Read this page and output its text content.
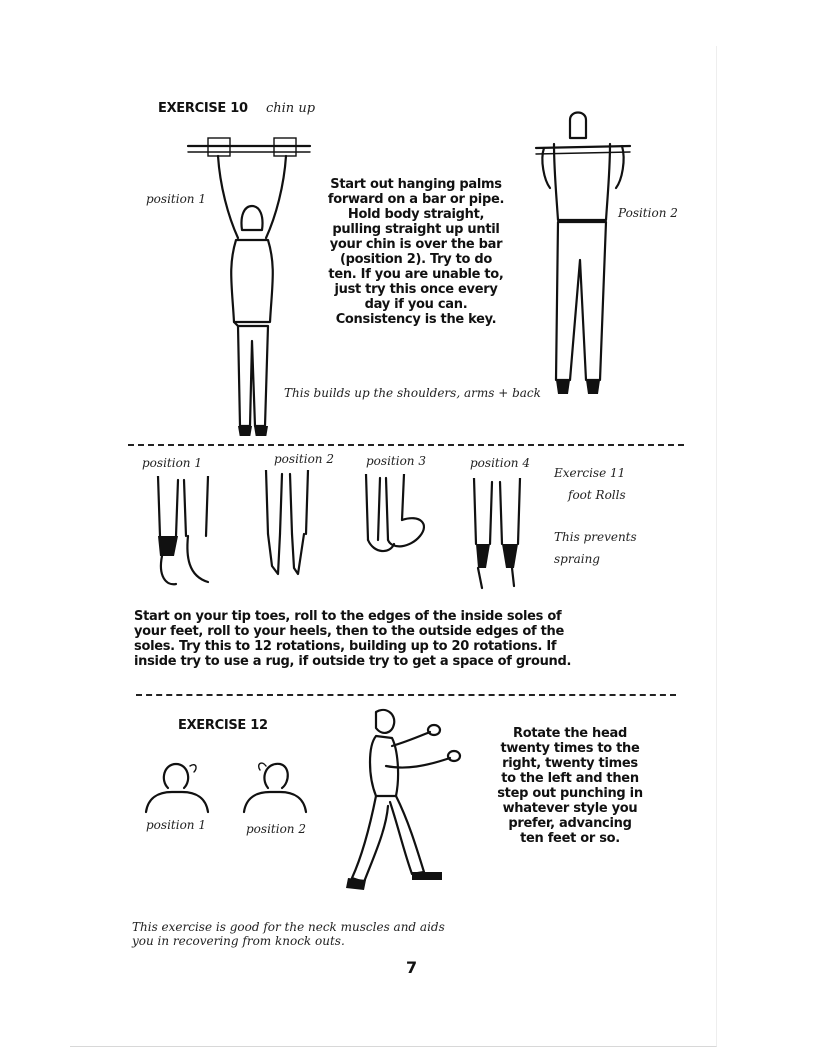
EXERCISE 10 chin up
position 1
Start out hanging palms
forward on a bar or pipe.
Hold body straight,
pulling straight up until
your chin is over the bar
(position 2). Try to do
ten. If you are unable to,
just try this once every
day if you can.
Consistency is the key.
Position 2
This builds up the shoulders, arms + back
position 1	position 2	position 3	position 4
Exercise 11
foot Rolls
This prevents
spraing
Start on your tip toes, roll to the edges of the inside soles of
your feet, roll to your heels, then to the outside edges of the
soles. Try this to 12 rotations, building up to 20 rotations. If
inside try to use a rug, if outside try to get a space of ground.
EXERCISE 12
position 1	position 2
Rotate the head
twenty times to the
right, twenty times
to the left and then
step out punching in
whatever style you
prefer, advancing
ten feet or so.
This exercise is good for the neck muscles and aids
you in recovering from knock outs.
7
